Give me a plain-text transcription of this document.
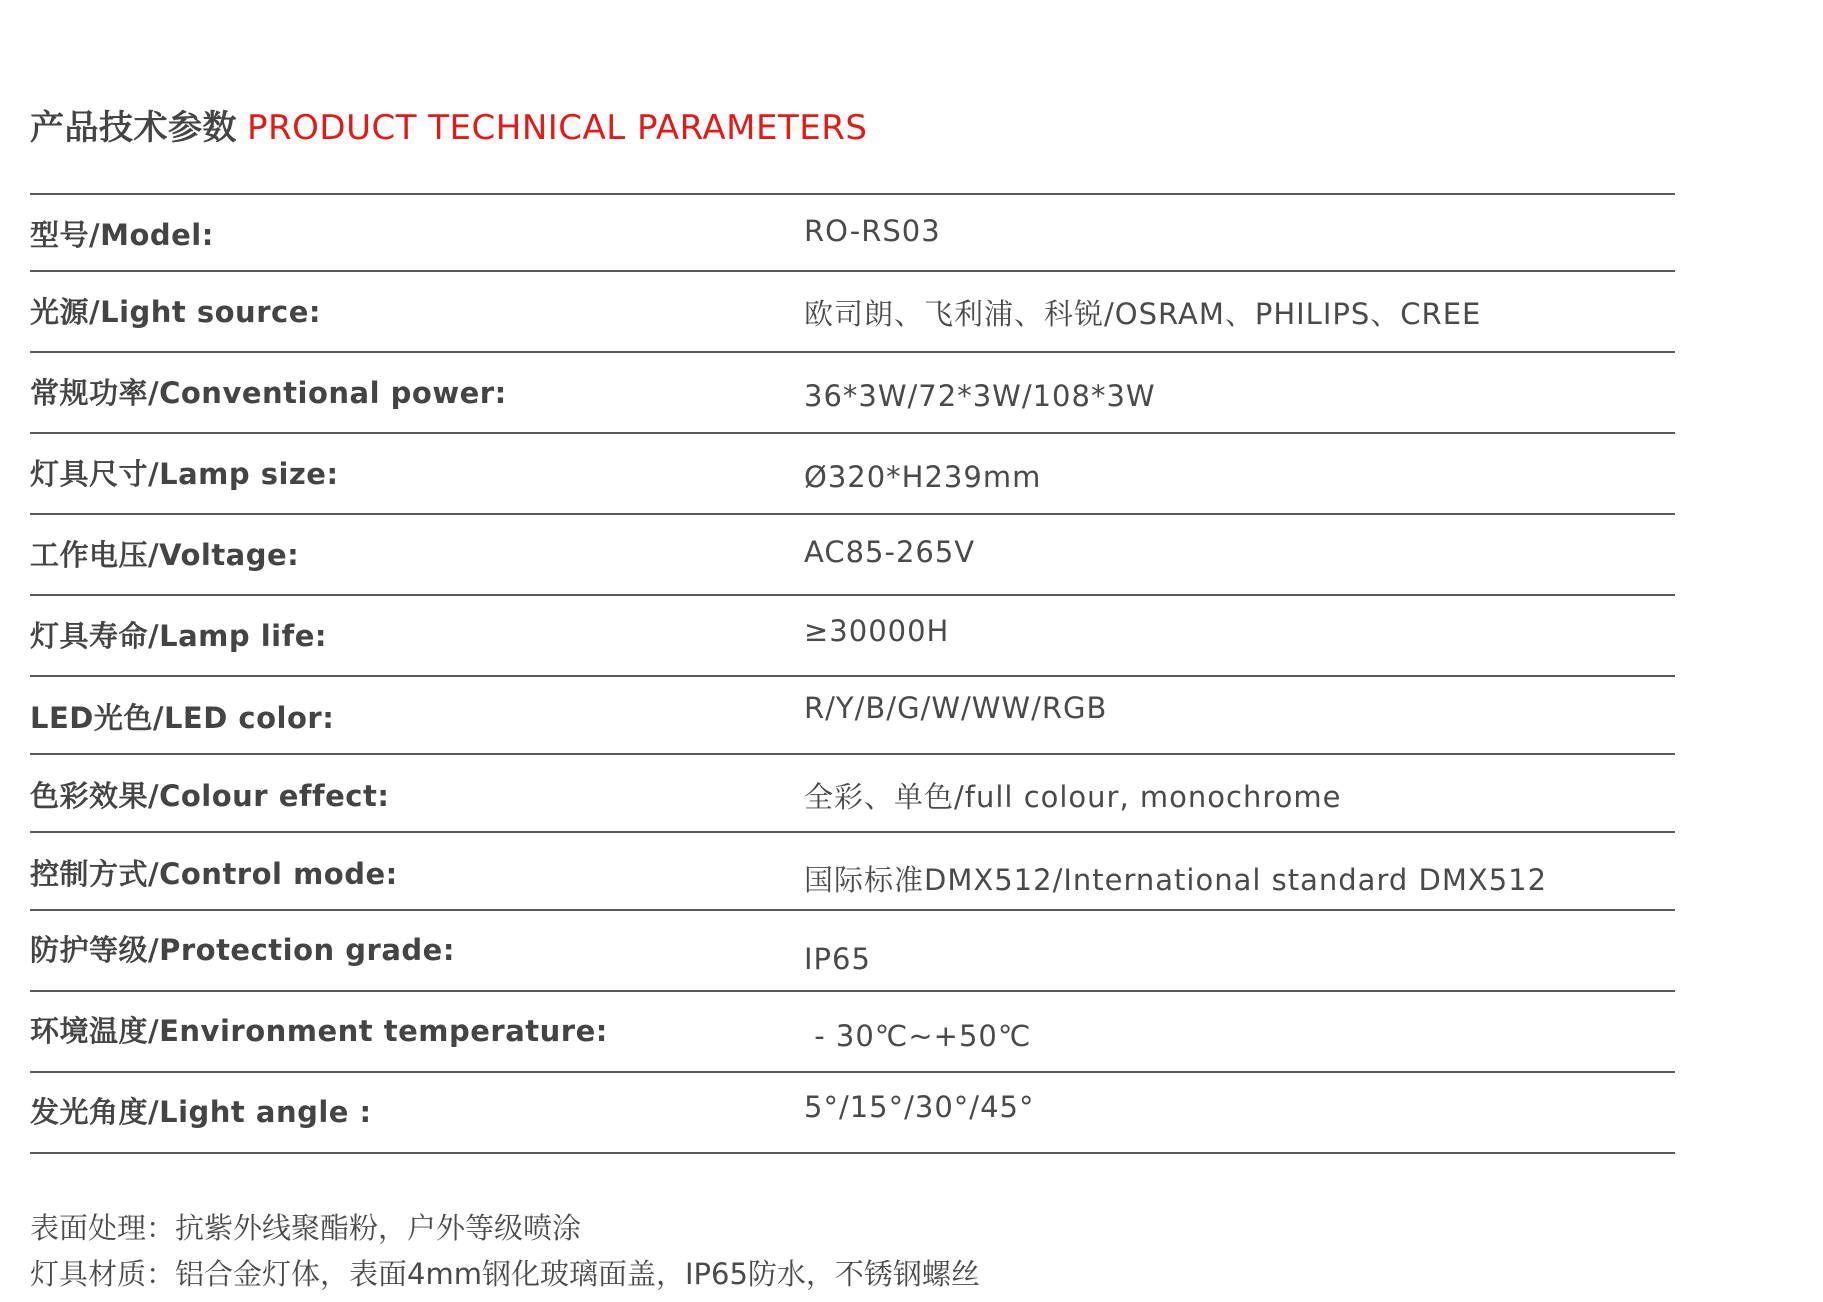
产品技术参数 PRODUCT TECHNICAL PARAMETERS
型号/Model:	RO-RS03
光源/Light source:	欧司朗、飞利浦、科锐/OSRAM、PHILIPS、CREE
常规功率/Conventional power:	36*3W/72*3W/108*3W
灯具尺寸/Lamp size:	Ø320*H239mm
工作电压/Voltage:	AC85-265V
灯具寿命/Lamp life:	≥30000H
LED光色/LED color:	R/Y/B/G/W/WW/RGB
色彩效果/Colour effect:	全彩、单色/full colour, monochrome
控制方式/Control mode:	国际标准DMX512/International standard DMX512
防护等级/Protection grade:	IP65
环境温度/Environment temperature:	- 30℃~+50℃
发光角度/Light angle :	5°/15°/30°/45°
表面处理：抗紫外线聚酯粉，户外等级喷涂
灯具材质：铝合金灯体，表面4mm钢化玻璃面盖，IP65防水，不锈钢螺丝
